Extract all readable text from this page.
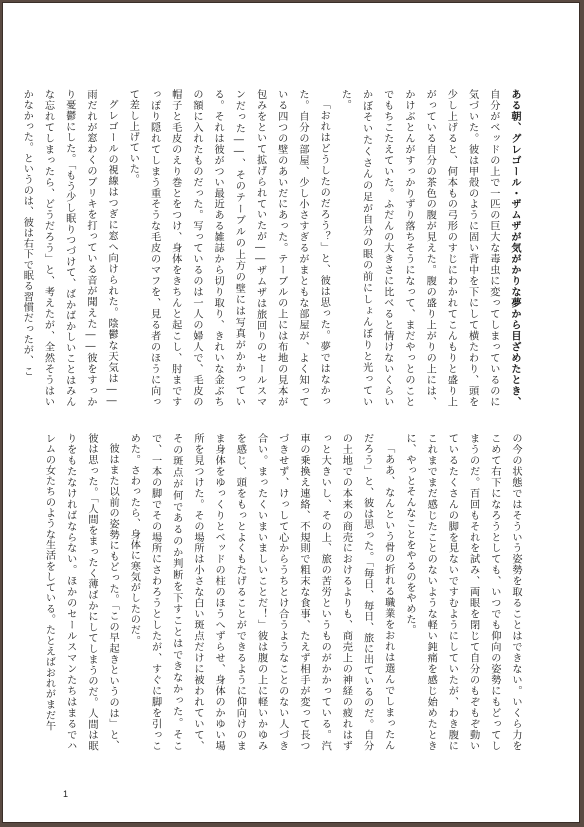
ある朝、グレゴール・ザムザが気がかりな夢から目ざめたとき、自分がベッドの上で一匹の巨大な毒虫に変ってしまっているのに気づいた。彼は甲殻のように固い背中を下にして横たわり、頭を少し上げると、何本もの弓形のすじにわかれてこんもりと盛り上がっている自分の茶色の腹が見えた。腹の盛り上がりの上には、かけぶとんがすっかりずり落ちそうになって、まだやっとのことでもちこたえていた。ふだんの大きさに比べると情けないくらいかぼそいたくさんの足が自分の眼の前にしょんぼりと光っていた。

「おれはどうしたのだろう？」と、彼は思った。夢ではなかった。自分の部屋、少し小さすぎるがまともな部屋が、よく知っている四つの壁のあいだにあった。テーブルの上には布地の見本が包みをといて拡げられていたが――ザムザは旅回りのセールスマンだった――、そのテーブルの上方の壁には写真がかかっている。それは彼がつい最近ある雑誌から切り取り、きれいな金ぶちの額に入れたものだった。写っているのは一人の婦人で、毛皮の帽子と毛皮のえり巻とをつけ、身体をきちんと起こし、肘まですっぽり隠れてしまう重そうな毛皮のマフを、見る者のほうに向って差し上げていた。

グレゴールの視線はつぎに窓へ向けられた。陰鬱な天気は――雨だれが窓わくのブリキを打っている音が聞えた――彼をすっかり憂鬱にした。「もう少し眠りつづけて、ばかばかしいことはみんな忘れてしまったら、どうだろう」と、考えたが、全然そうはいかなかった。というのは、彼は右下で眠る習慣だったが、こ

の今の状態ではそういう姿勢を取ることはできない。いくら力をこめて右下になろうとしても、いつでも仰向の姿勢にもどってしまうのだ。百回もそれを試み、両眼を閉じて自分のもぞもぞ動いているたくさんの脚を見ないですむようにしていたが、わき腹にこれまでまだ感じたことのないような軽い鈍痛を感じ始めたときに、やっとそんなことをやるのをやめた。

「ああ、なんという骨の折れる職業をおれは選んでしまったんだろう」と、彼は思った。「毎日、毎日、旅に出ているのだ。自分の土地での本来の商売におけるよりも、商売上の神経の疲れはずっと大きいし、その上、旅の苦労というものがかかっている。汽車の乗換え連絡、不規則で粗末な食事、たえず相手が変って長つづきせず、けっして心からうちとけ合うようなことのない人づき合い。まったくいまいましいことだ！」彼は腹の上に軽いかゆみを感じ、頭をもっとよくもたげることができるように仰向けのまま身体をゆっくりとベッドの柱のほうへずらせ、身体のかゆい場所を見つけた。その場所は小さな白い斑点だけに被われていて、その斑点が何であるのか判断を下すことはできなかった。そこで、一本の脚でその場所にさわろうとしたが、すぐに脚を引っこめた。さわったら、身体に寒気がしたのだ。

彼はまた以前の姿勢にもどった。「この早起きというのは」と、彼は思った。「人間をまったく薄ばかにしてしまうのだ。人間は眠りをもたなければならない。ほかのセールスマンたちはまるでハレムの女たちのような生活をしている。たとえばおれがまだ午

1
